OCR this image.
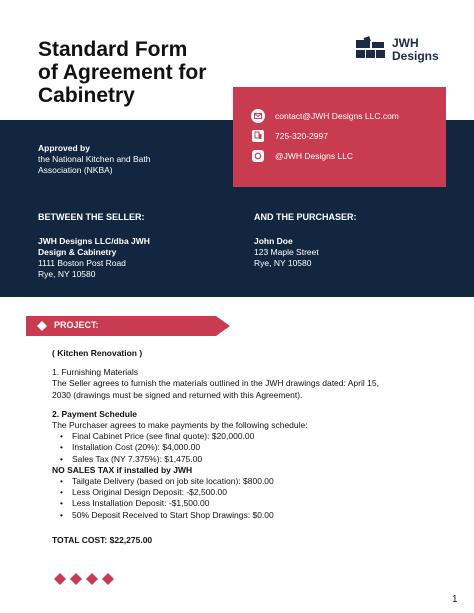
Standard Form
of Agreement for
Cabinetry
JWH
Designs
Approved by
the National Kitchen and Bath
Association (NKBA)
contact@JWH Designs LLC.com
725-320-2997
@JWH Designs LLC
BETWEEN THE SELLER:
JWH Designs LLC/dba JWH
Design & Cabinetry
1111 Boston Post Road
Rye, NY 10580
AND THE PURCHASER:
John Doe
123 Maple Street
Rye, NY 10580
PROJECT:
( Kitchen Renovation )
1. Furnishing Materials
The Seller agrees to furnish the materials outlined in the JWH drawings dated: April 15,
2030 (drawings must be signed and returned with this Agreement).
2. Payment Schedule
The Purchaser agrees to make payments by the following schedule:
• Final Cabinet Price (see final quote): $20,000.00
• Installation Cost (20%): $4,000.00
• Sales Tax (NY 7.375%): $1,475.00
NO SALES TAX if installed by JWH
• Tailgate Delivery (based on job site location): $800.00
• Less Original Design Deposit: -$2,500.00
• Less Installation Deposit: -$1,500.00
• 50% Deposit Received to Start Shop Drawings: $0.00
TOTAL COST: $22,275.00
1
